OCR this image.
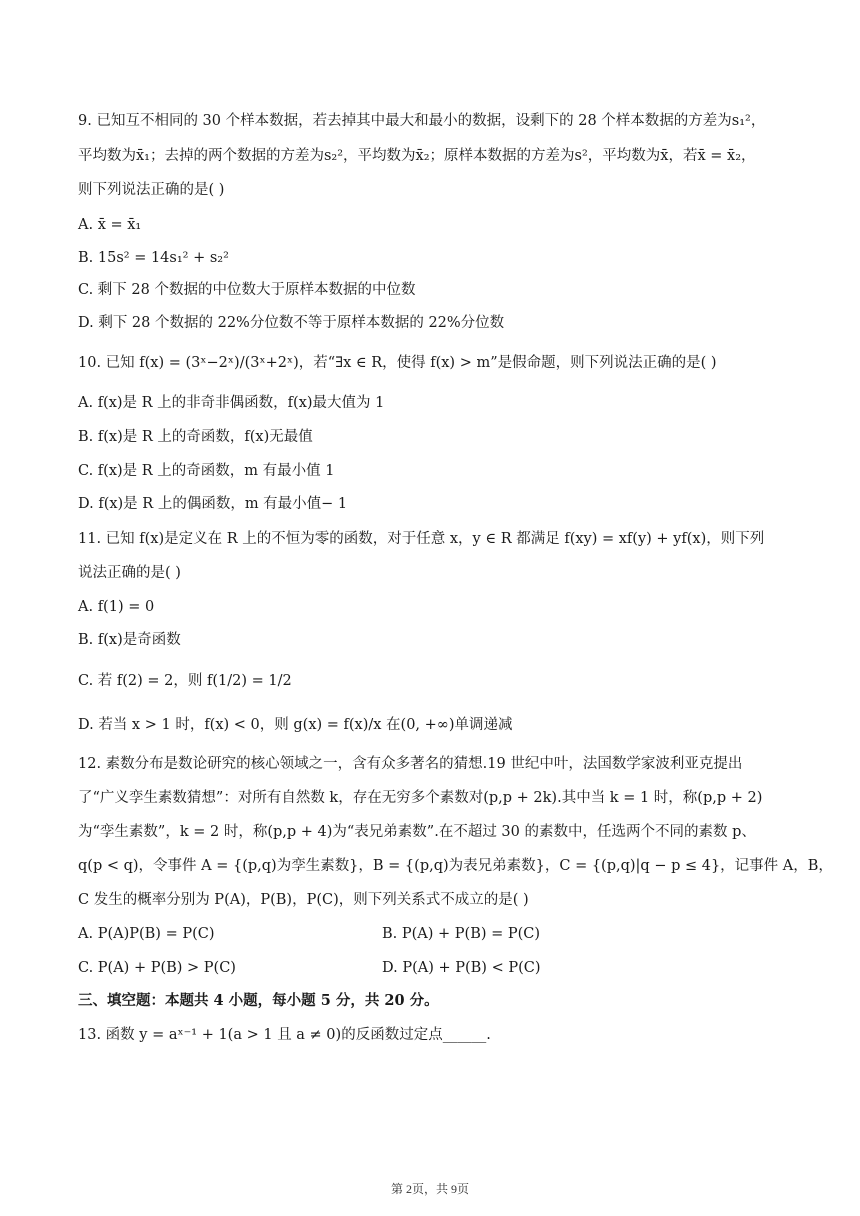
9. 已知互不相同的 30 个样本数据，若去掉其中最大和最小的数据，设剩下的 28 个样本数据的方差为s₁²，
平均数为x̄₁；去掉的两个数据的方差为s₂²，平均数为x̄₂；原样本数据的方差为s²，平均数为x̄，若x̄ = x̄₂，
则下列说法正确的是( )
A. x̄ = x̄₁
B. 15s² = 14s₁² + s₂²
C. 剩下 28 个数据的中位数大于原样本数据的中位数
D. 剩下 28 个数据的 22%分位数不等于原样本数据的 22%分位数
10. 已知 f(x) = (3ˣ−2ˣ)/(3ˣ+2ˣ)，若“∃x ∈ R，使得 f(x) > m”是假命题，则下列说法正确的是( )
A. f(x)是 R 上的非奇非偶函数，f(x)最大值为 1
B. f(x)是 R 上的奇函数，f(x)无最值
C. f(x)是 R 上的奇函数，m 有最小值 1
D. f(x)是 R 上的偶函数，m 有最小值− 1
11. 已知 f(x)是定义在 R 上的不恒为零的函数，对于任意 x，y ∈ R 都满足 f(xy) = xf(y) + yf(x)，则下列
说法正确的是( )
A. f(1) = 0
B. f(x)是奇函数
C. 若 f(2) = 2，则 f(1/2) = 1/2
D. 若当 x > 1 时，f(x) < 0，则 g(x) = f(x)/x 在(0, +∞)单调递减
12. 素数分布是数论研究的核心领域之一，含有众多著名的猜想.19 世纪中叶，法国数学家波利亚克提出
了“广义孪生素数猜想”：对所有自然数 k，存在无穷多个素数对(p,p + 2k).其中当 k = 1 时，称(p,p + 2)
为“孪生素数”，k = 2 时，称(p,p + 4)为“表兄弟素数”.在不超过 30 的素数中，任选两个不同的素数 p、
q(p < q)，令事件 A = {(p,q)为孪生素数}，B = {(p,q)为表兄弟素数}，C = {(p,q)|q − p ≤ 4}，记事件 A，B，
C 发生的概率分别为 P(A)，P(B)，P(C)，则下列关系式不成立的是( )
A. P(A)P(B) = P(C)	B. P(A) + P(B) = P(C)
C. P(A) + P(B) > P(C)	D. P(A) + P(B) < P(C)
三、填空题：本题共 4 小题，每小题 5 分，共 20 分。
13. 函数 y = aˣ⁻¹ + 1(a > 1 且 a ≠ 0)的反函数过定点______.
第 2页，共 9页
